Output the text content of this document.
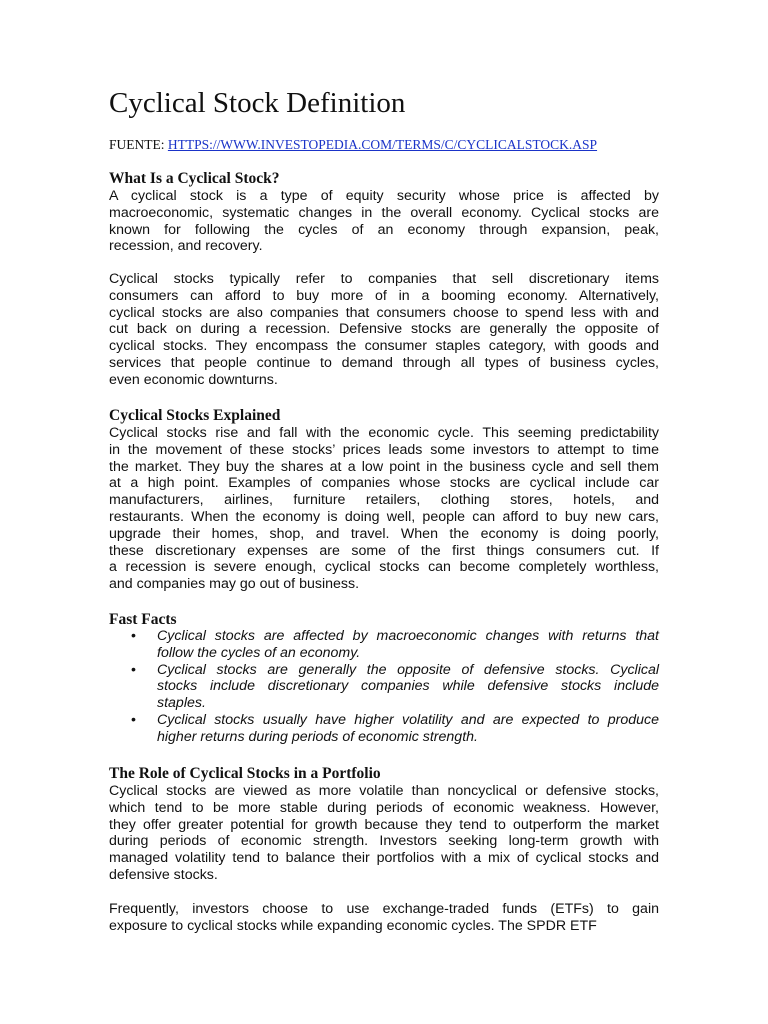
Cyclical Stock Definition
FUENTE: HTTPS://WWW.INVESTOPEDIA.COM/TERMS/C/CYCLICALSTOCK.ASP
What Is a Cyclical Stock?
A cyclical stock is a type of equity security whose price is affected by
macroeconomic, systematic changes in the overall economy. Cyclical stocks are
known for following the cycles of an economy through expansion, peak,
recession, and recovery.
Cyclical stocks typically refer to companies that sell discretionary items
consumers can afford to buy more of in a booming economy. Alternatively,
cyclical stocks are also companies that consumers choose to spend less with and
cut back on during a recession. Defensive stocks are generally the opposite of
cyclical stocks. They encompass the consumer staples category, with goods and
services that people continue to demand through all types of business cycles,
even economic downturns.
Cyclical Stocks Explained
Cyclical stocks rise and fall with the economic cycle. This seeming predictability
in the movement of these stocks’ prices leads some investors to attempt to time
the market. They buy the shares at a low point in the business cycle and sell them
at a high point. Examples of companies whose stocks are cyclical include car
manufacturers, airlines, furniture retailers, clothing stores, hotels, and
restaurants. When the economy is doing well, people can afford to buy new cars,
upgrade their homes, shop, and travel. When the economy is doing poorly,
these discretionary expenses are some of the first things consumers cut. If
a recession is severe enough, cyclical stocks can become completely worthless,
and companies may go out of business.
Fast Facts
• Cyclical stocks are affected by macroeconomic changes with returns that
follow the cycles of an economy.
• Cyclical stocks are generally the opposite of defensive stocks. Cyclical
stocks include discretionary companies while defensive stocks include
staples.
• Cyclical stocks usually have higher volatility and are expected to produce
higher returns during periods of economic strength.
The Role of Cyclical Stocks in a Portfolio
Cyclical stocks are viewed as more volatile than noncyclical or defensive stocks,
which tend to be more stable during periods of economic weakness. However,
they offer greater potential for growth because they tend to outperform the market
during periods of economic strength. Investors seeking long-term growth with
managed volatility tend to balance their portfolios with a mix of cyclical stocks and
defensive stocks.
Frequently, investors choose to use exchange-traded funds (ETFs) to gain
exposure to cyclical stocks while expanding economic cycles. The SPDR ETF
